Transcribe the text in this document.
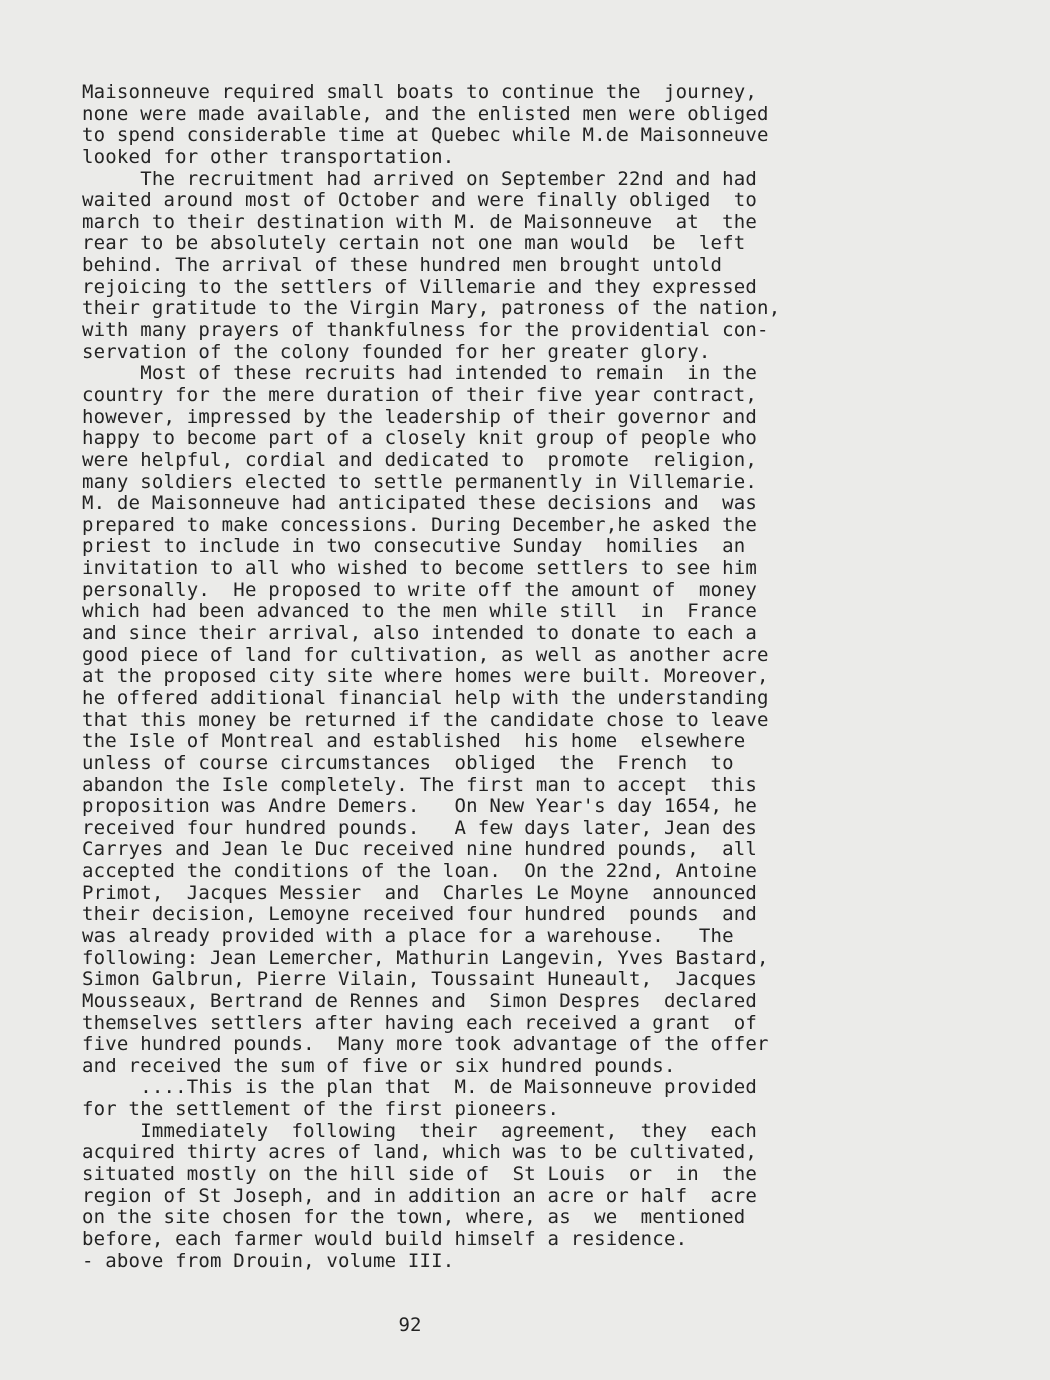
Maisonneuve required small boats to continue the  journey,
none were made available, and the enlisted men were obliged
to spend considerable time at Quebec while M.de Maisonneuve
looked for other transportation.
The recruitment had arrived on September 22nd and had
waited around most of October and were finally obliged  to
march to their destination with M. de Maisonneuve  at  the
rear to be absolutely certain not one man would  be  left
behind. The arrival of these hundred men brought untold
rejoicing to the settlers of Villemarie and they expressed
their gratitude to the Virgin Mary, patroness of the nation,
with many prayers of thankfulness for the providential con-
servation of the colony founded for her greater glory.
Most of these recruits had intended to remain  in the
country for the mere duration of their five year contract,
however, impressed by the leadership of their governor and
happy to become part of a closely knit group of people who
were helpful, cordial and dedicated to  promote  religion,
many soldiers elected to settle permanently in Villemarie.
M. de Maisonneuve had anticipated these decisions and  was
prepared to make concessions. During December,he asked the
priest to include in two consecutive Sunday  homilies  an
invitation to all who wished to become settlers to see him
personally.  He proposed to write off the amount of  money
which had been advanced to the men while still  in  France
and since their arrival, also intended to donate to each a
good piece of land for cultivation, as well as another acre
at the proposed city site where homes were built. Moreover,
he offered additional financial help with the understanding
that this money be returned if the candidate chose to leave
the Isle of Montreal and established  his home  elsewhere
unless of course circumstances  obliged  the  French  to
abandon the Isle completely. The first man to accept  this
proposition was Andre Demers.   On New Year's day 1654, he
received four hundred pounds.   A few days later, Jean des
Carryes and Jean le Duc received nine hundred pounds,  all
accepted the conditions of the loan.  On the 22nd, Antoine
Primot,  Jacques Messier  and  Charles Le Moyne  announced
their decision, Lemoyne received four hundred  pounds  and
was already provided with a place for a warehouse.   The
following: Jean Lemercher, Mathurin Langevin, Yves Bastard,
Simon Galbrun, Pierre Vilain, Toussaint Huneault,  Jacques
Mousseaux, Bertrand de Rennes and  Simon Despres  declared
themselves settlers after having each received a grant  of
five hundred pounds.  Many more took advantage of the offer
and received the sum of five or six hundred pounds.
....This is the plan that  M. de Maisonneuve provided
for the settlement of the first pioneers.
Immediately  following  their  agreement,  they  each
acquired thirty acres of land, which was to be cultivated,
situated mostly on the hill side of  St Louis  or  in  the
region of St Joseph, and in addition an acre or half  acre
on the site chosen for the town, where, as  we  mentioned
before, each farmer would build himself a residence.
- above from Drouin, volume III.
92
